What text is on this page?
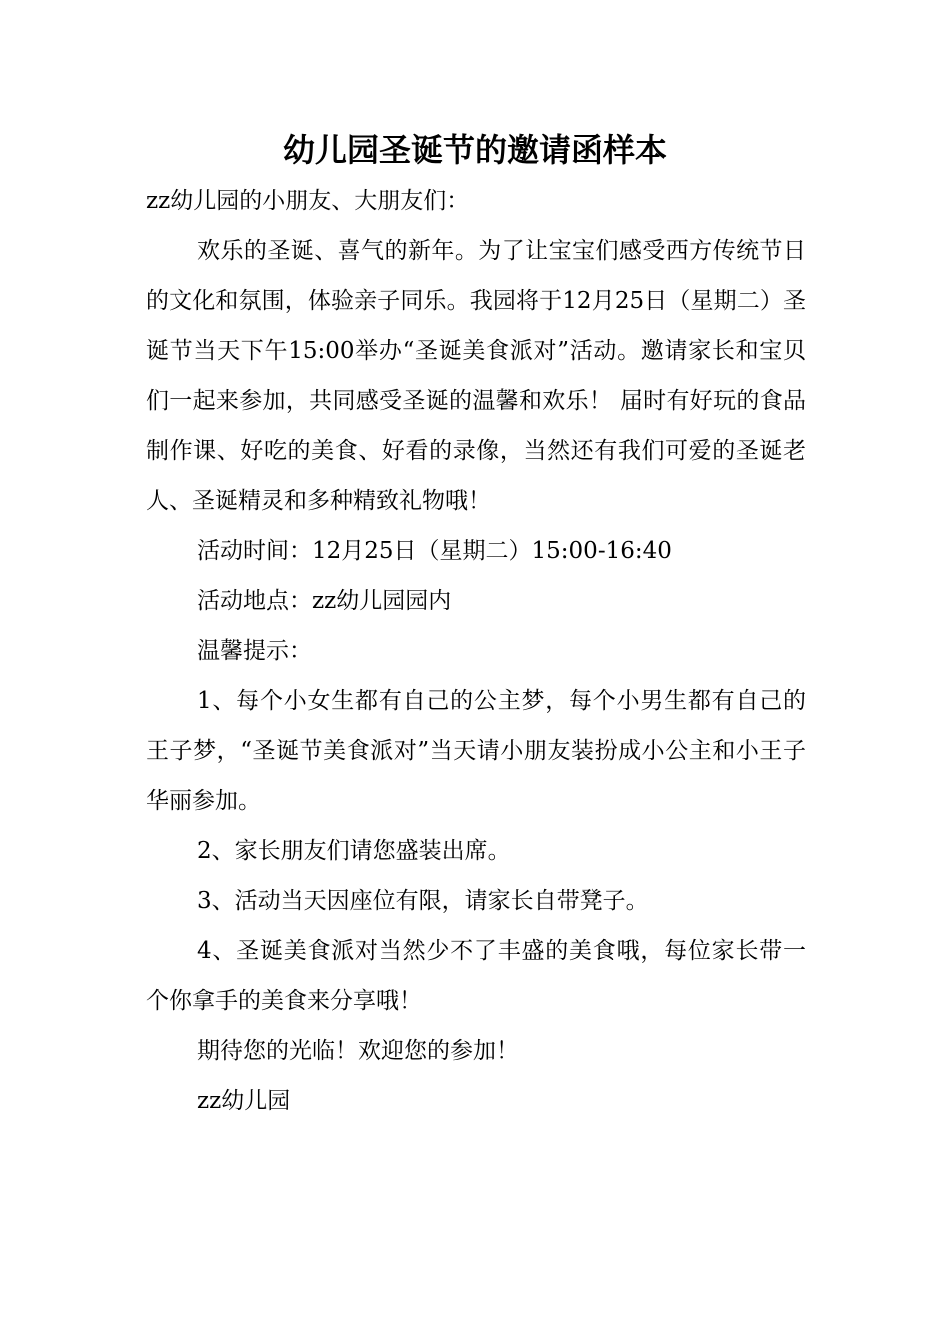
幼儿园圣诞节的邀请函样本

zz幼儿园的小朋友、大朋友们：

欢乐的圣诞、喜气的新年。为了让宝宝们感受西方传统节日的文化和氛围，体验亲子同乐。我园将于12月25日（星期二）圣诞节当天下午15:00举办“圣诞美食派对”活动。邀请家长和宝贝们一起来参加，共同感受圣诞的温馨和欢乐！ 届时有好玩的食品制作课、好吃的美食、好看的录像，当然还有我们可爱的圣诞老人、圣诞精灵和多种精致礼物哦！

活动时间：12月25日（星期二）15:00-16:40

活动地点：zz幼儿园园内

温馨提示：

1、每个小女生都有自己的公主梦，每个小男生都有自己的王子梦，“圣诞节美食派对”当天请小朋友装扮成小公主和小王子华丽参加。

2、家长朋友们请您盛装出席。

3、活动当天因座位有限，请家长自带凳子。

4、圣诞美食派对当然少不了丰盛的美食哦，每位家长带一个你拿手的美食来分享哦！

期待您的光临！欢迎您的参加！

zz幼儿园
